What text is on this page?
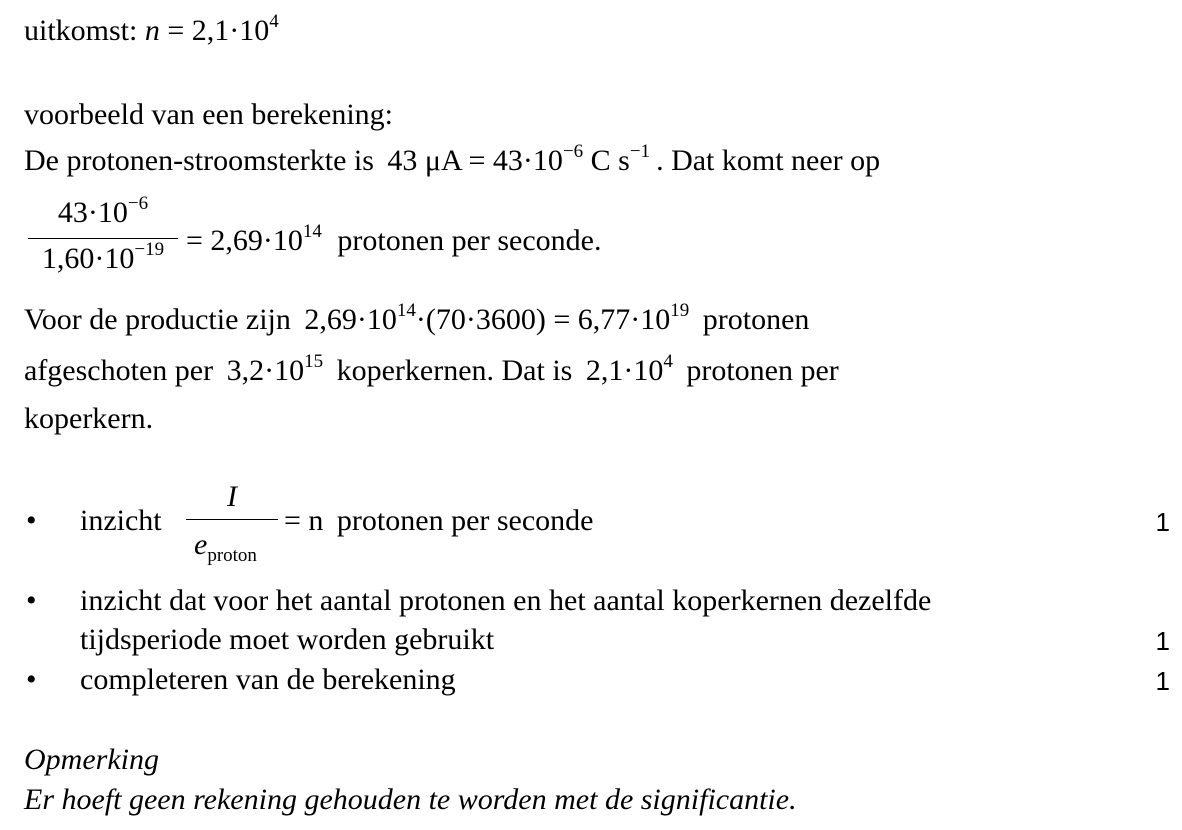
uitkomst: $n = 2,1\cdot 10^4$
voorbeeld van een berekening:
De protonen-stroomsterkte is 43 $\mu A = 43\cdot 10^{-6}$ C $s^{-1}$ . Dat komt neer op
$43\cdot 10^{-6}$
$1,60\cdot 10^{-19} = 2,69\cdot 10^{14}$ protonen per seconde.
Voor de productie zijn $2,69\cdot 10^{14}\cdot(70\cdot 3600) = 6,77\cdot 10^{19}$ protonen
afgeschoten per $3,2\cdot 10^{15}$ koperkernen. Dat is $2,1\cdot 10^4$ protonen per
koperkern.
• inzicht
I
$e_{proton}$
= n protonen per seconde	1
• inzicht dat voor het aantal protonen en het aantal koperkernen dezelfde
tijdsperiode moet worden gebruikt	1
• completeren van de berekening	1
Opmerking
Er hoeft geen rekening gehouden te worden met de significantie.
